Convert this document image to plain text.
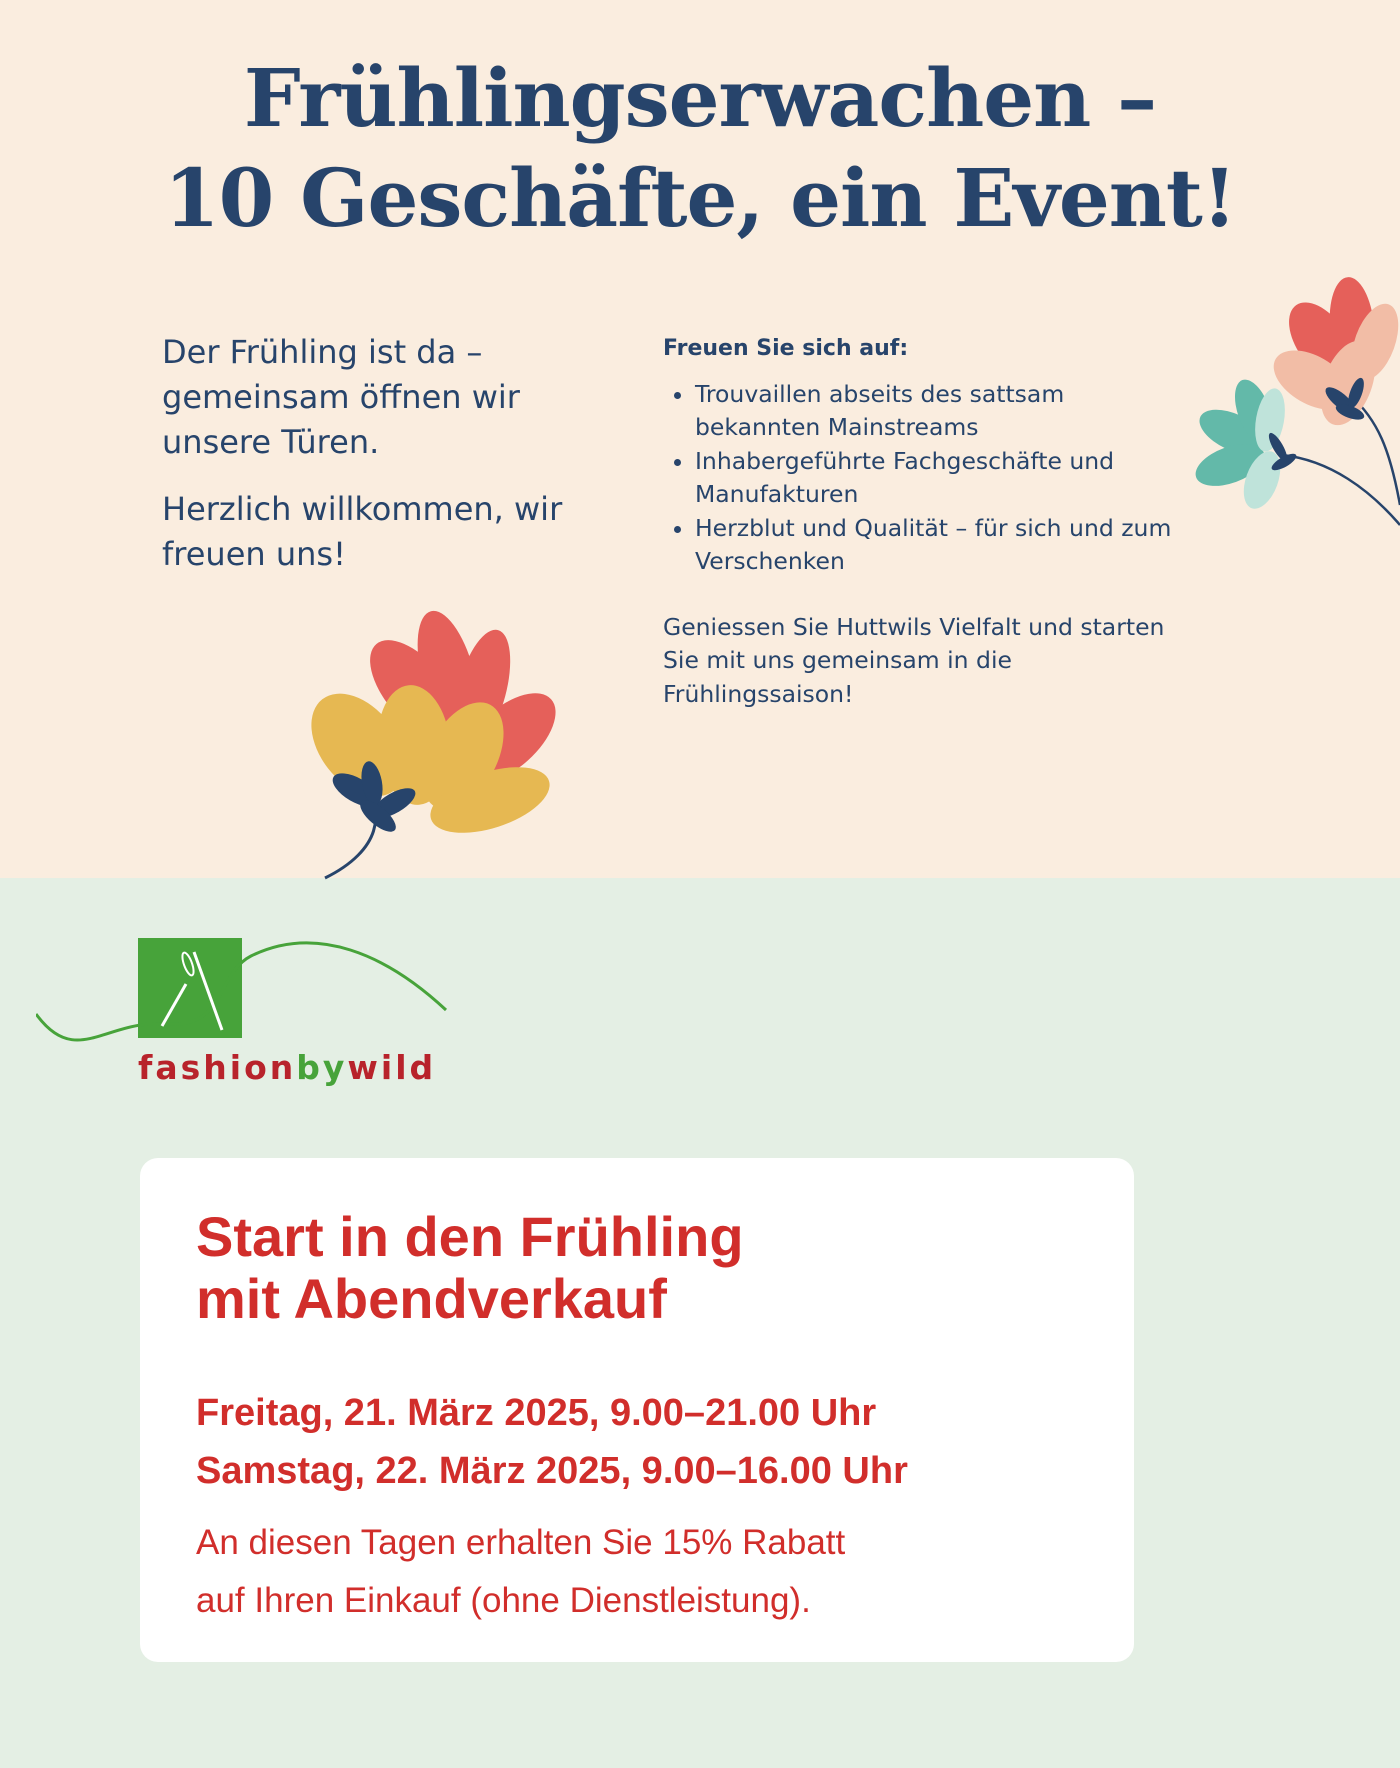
Frühlingserwachen –
10 Geschäfte, ein Event!

Der Frühling ist da – gemeinsam öffnen wir unsere Türen.

Herzlich willkommen, wir freuen uns!

Freuen Sie sich auf:

• Trouvaillen abseits des sattsam bekannten Mainstreams
• Inhabergeführte Fachgeschäfte und Manufakturen
• Herzblut und Qualität – für sich und zum Verschenken

Geniessen Sie Huttwils Vielfalt und starten Sie mit uns gemeinsam in die Frühlingssaison!

fashionbywild
Start in den Frühling
mit Abendverkauf
Freitag, 21. März 2025, 9.00–21.00 Uhr
Samstag, 22. März 2025, 9.00–16.00 Uhr
An diesen Tagen erhalten Sie 15% Rabatt
auf Ihren Einkauf (ohne Dienstleistung).
